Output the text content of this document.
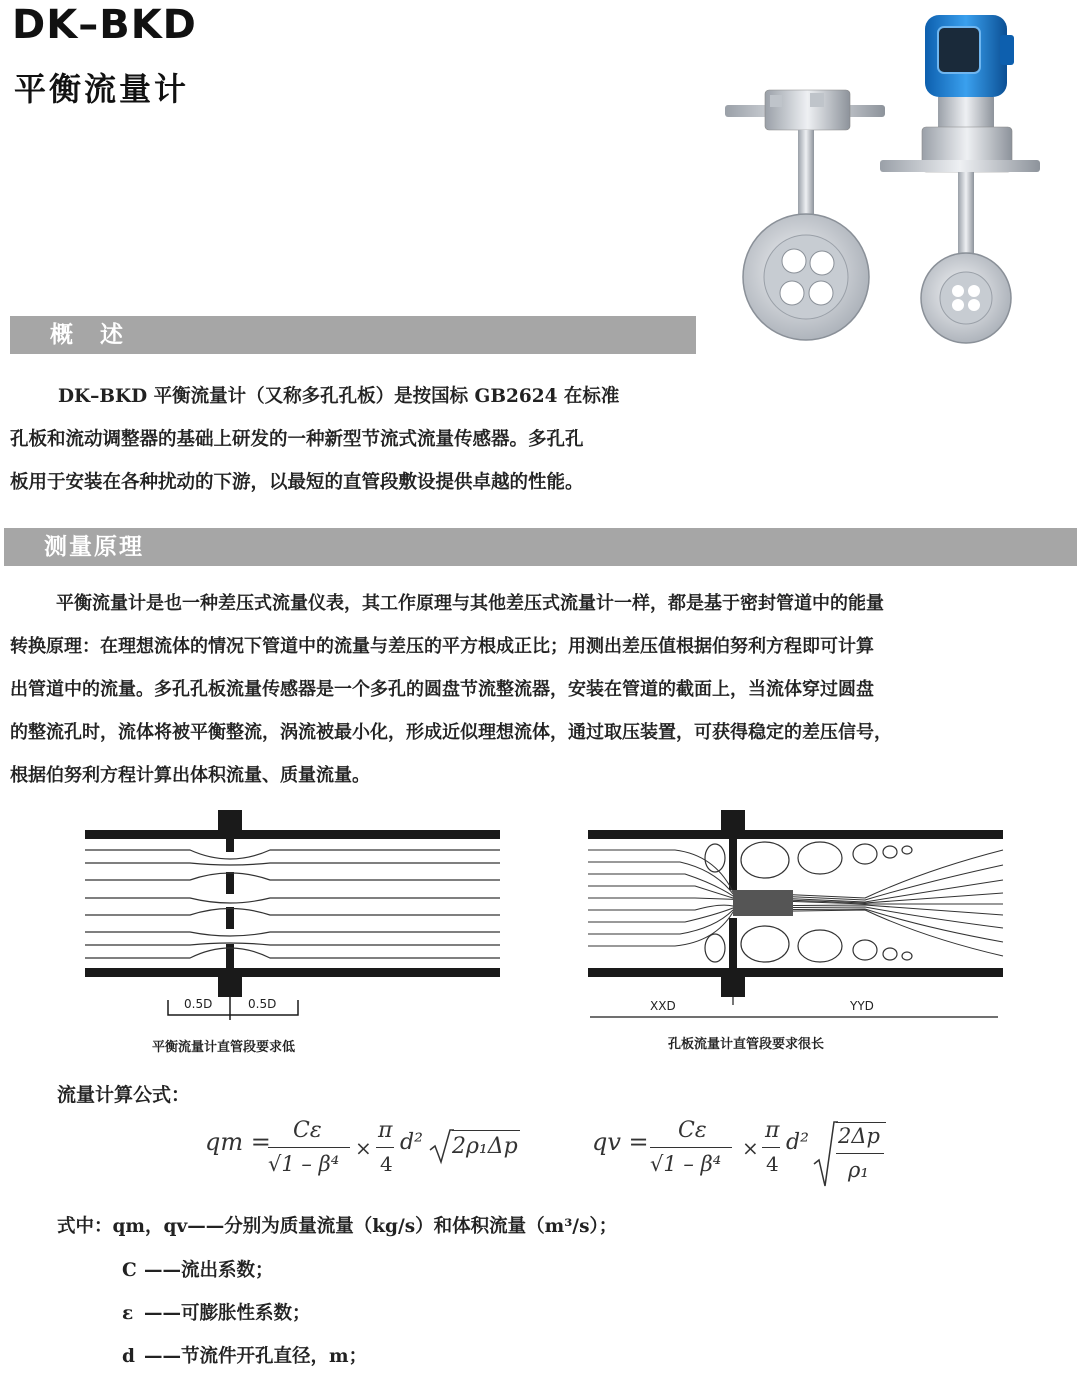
DK–BKD
平衡流量计
概　述

DK–BKD 平衡流量计（又称多孔孔板）是按国标 GB2624 在标准

孔板和流动调整器的基础上研发的一种新型节流式流量传感器。多孔孔

板用于安装在各种扰动的下游，以最短的直管段敷设提供卓越的性能。

测量原理

平衡流量计是也一种差压式流量仪表，其工作原理与其他差压式流量计一样，都是基于密封管道中的能量

转换原理：在理想流体的情况下管道中的流量与差压的平方根成正比；用测出差压值根据伯努利方程即可计算

出管道中的流量。多孔孔板流量传感器是一个多孔的圆盘节流整流器，安装在管道的截面上，当流体穿过圆盘

的整流孔时，流体将被平衡整流，涡流被最小化，形成近似理想流体，通过取压装置，可获得稳定的差压信号，

根据伯努利方程计算出体积流量、质量流量。

0.5D	0.5D
平衡流量计直管段要求低
XXD	YYD
孔板流量计直管段要求很长
流量计算公式：
qm = Cε
√1 – β⁴
×
π
4
d² 2ρ₁Δp	qv = Cε
√1 – β⁴
×
π
4
d² 2Δp
ρ₁
式中：qm，qv——分别为质量流量（kg/s）和体积流量（m³/s）；
C ——流出系数；
ε ——可膨胀性系数；
d ——节流件开孔直径，m；
